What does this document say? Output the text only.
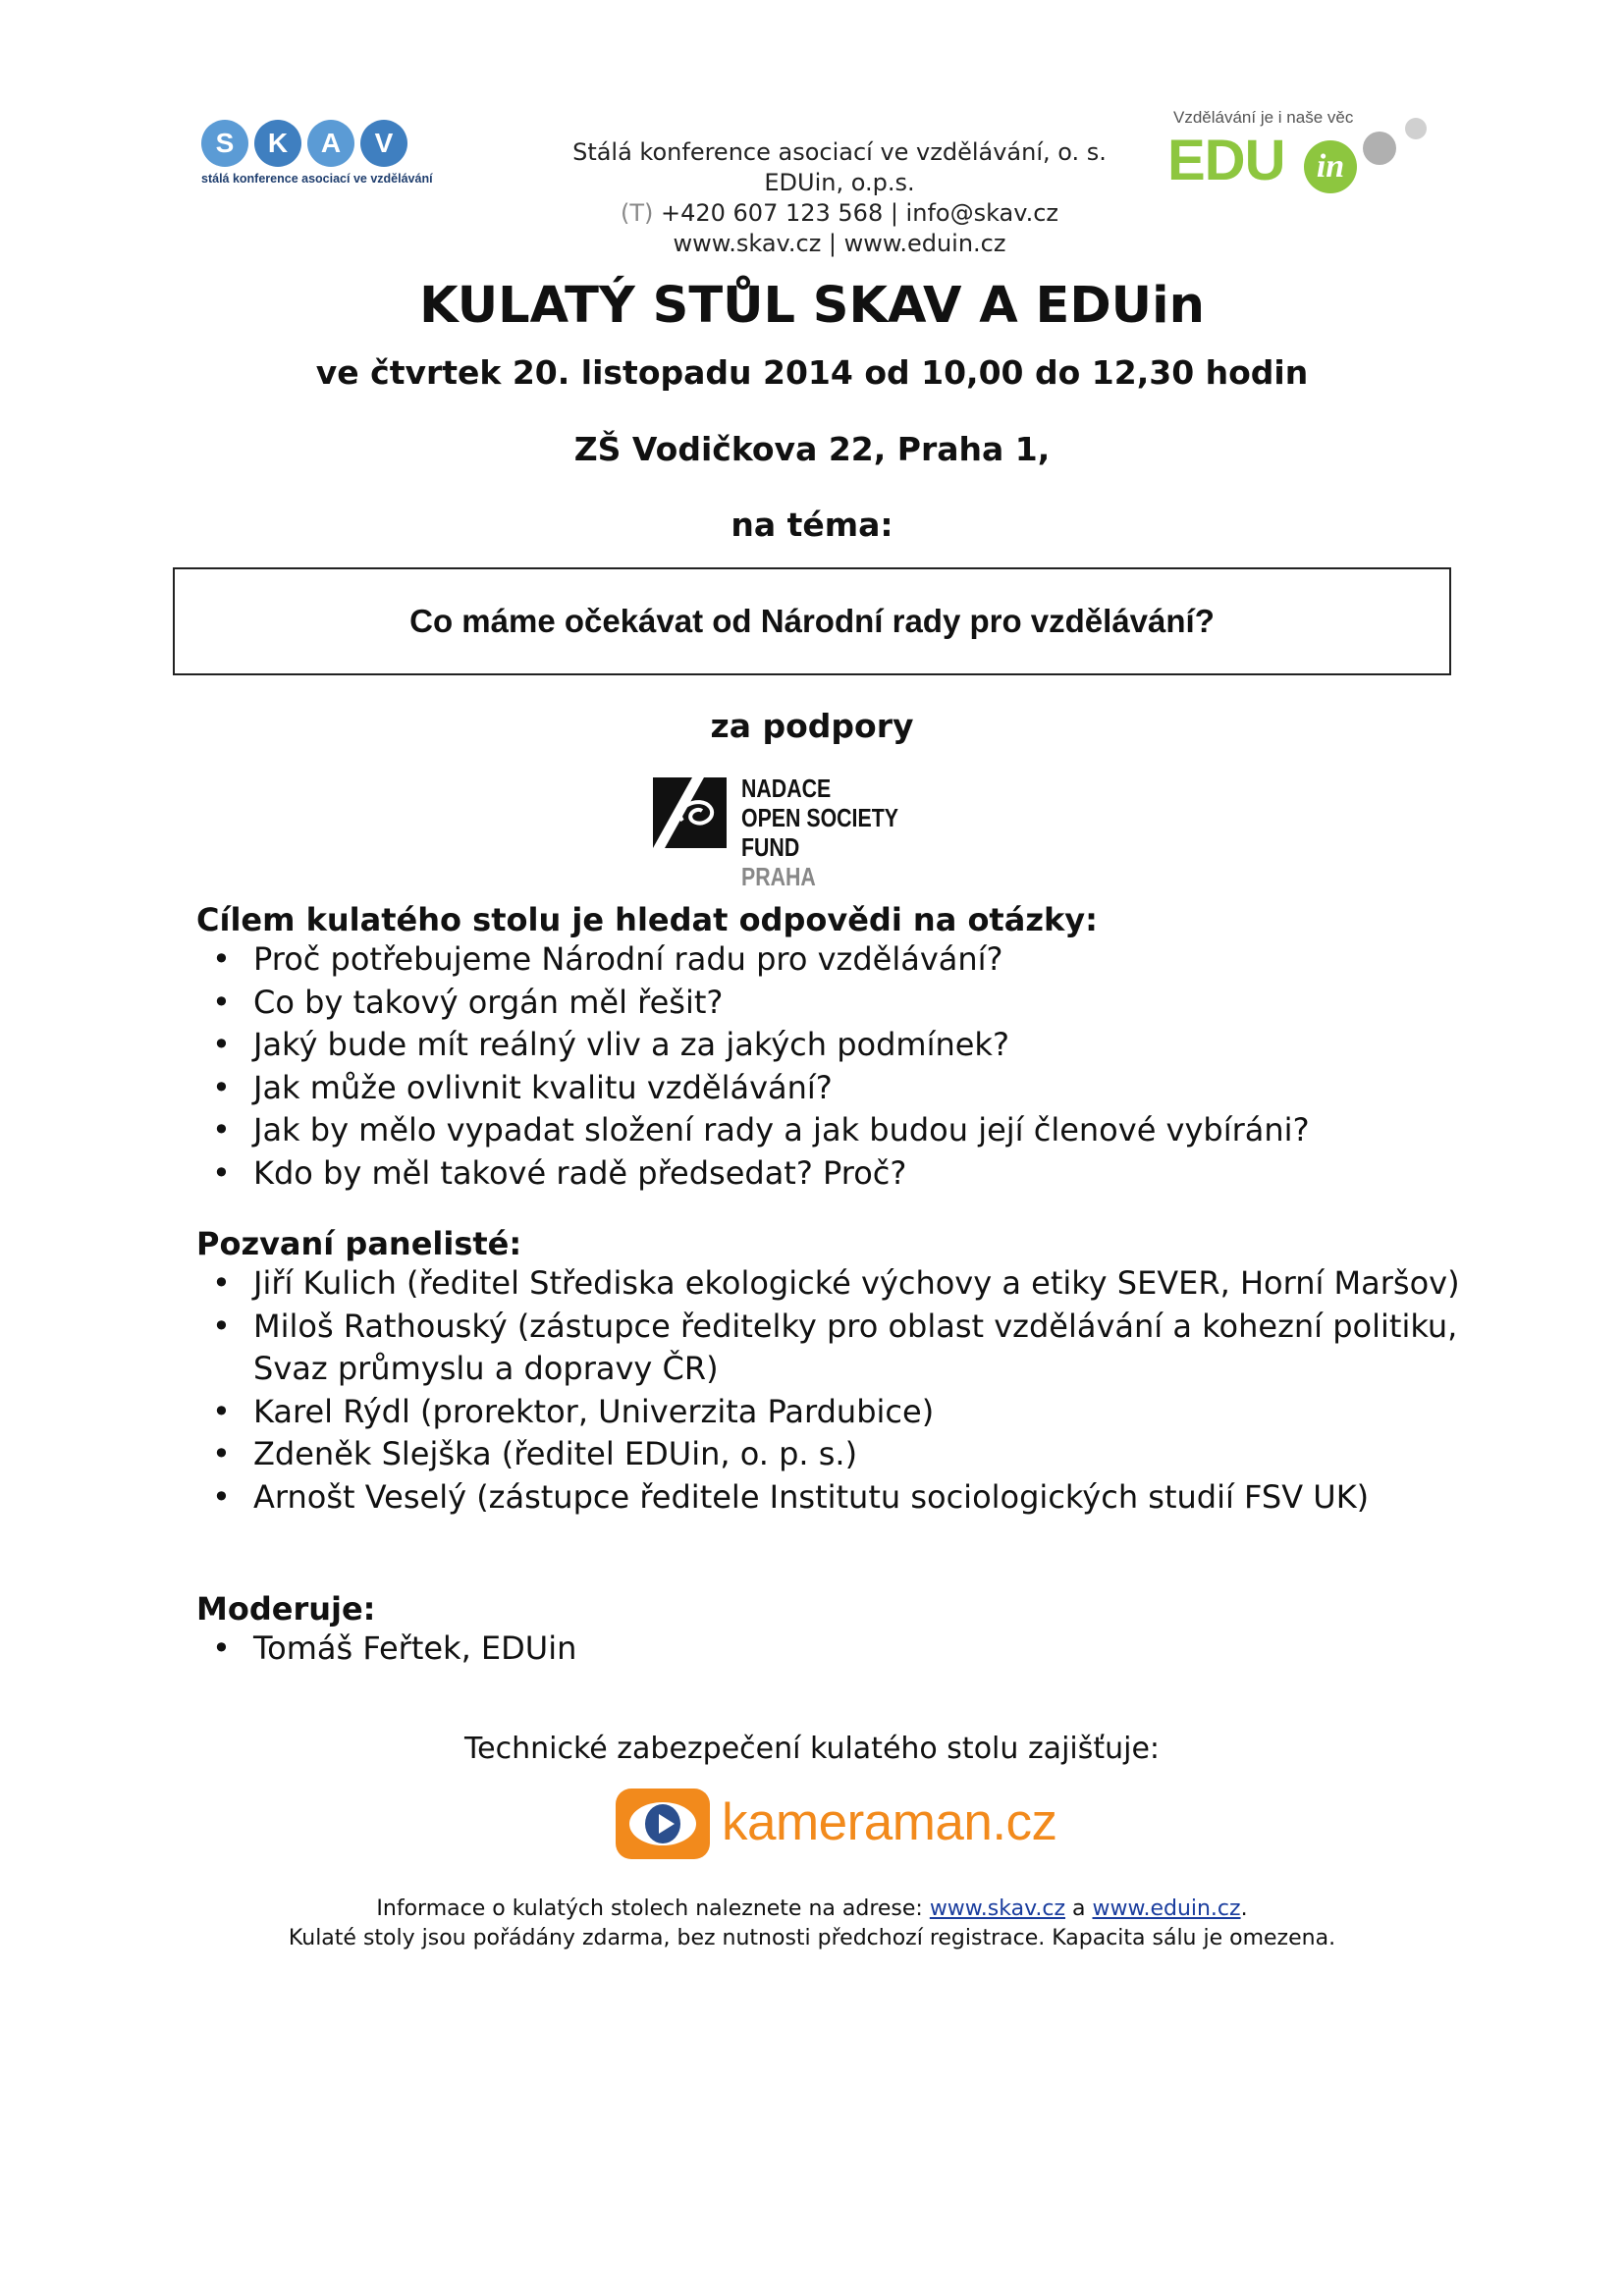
S	K	A	V
stálá konference asociací ve vzdělávání
Stálá konference asociací ve vzdělávání, o. s.
EDUin, o.p.s.
(T) +420 607 123 568 | info@skav.cz
www.skav.cz | www.eduin.cz
Vzdělávání je i naše věc
EDU in
KULATÝ STŮL SKAV A EDUin
ve čtvrtek 20. listopadu 2014 od 10,00 do 12,30 hodin
ZŠ Vodičkova 22, Praha 1,
na téma:
Co máme očekávat od Národní rady pro vzdělávání?
za podpory
NADACE
OPEN SOCIETY FUND
PRAHA
Cílem kulatého stolu je hledat odpovědi na otázky:
• Proč potřebujeme Národní radu pro vzdělávání?
• Co by takový orgán měl řešit?
• Jaký bude mít reálný vliv a za jakých podmínek?
• Jak může ovlivnit kvalitu vzdělávání?
• Jak by mělo vypadat složení rady a jak budou její členové vybíráni?
• Kdo by měl takové radě předsedat? Proč?
Pozvaní panelisté:
• Jiří Kulich (ředitel Střediska ekologické výchovy a etiky SEVER, Horní Maršov)
• Miloš Rathouský (zástupce ředitelky pro oblast vzdělávání a kohezní politiku, Svaz průmyslu a dopravy ČR)
• Karel Rýdl (prorektor, Univerzita Pardubice)
• Zdeněk Slejška (ředitel EDUin, o. p. s.)
• Arnošt Veselý (zástupce ředitele Institutu sociologických studií FSV UK)
Moderuje:
• Tomáš Feřtek, EDUin
Technické zabezpečení kulatého stolu zajišťuje:
kameraman.cz
Informace o kulatých stolech naleznete na adrese: www.skav.cz a www.eduin.cz.
Kulaté stoly jsou pořádány zdarma, bez nutnosti předchozí registrace. Kapacita sálu je omezena.
